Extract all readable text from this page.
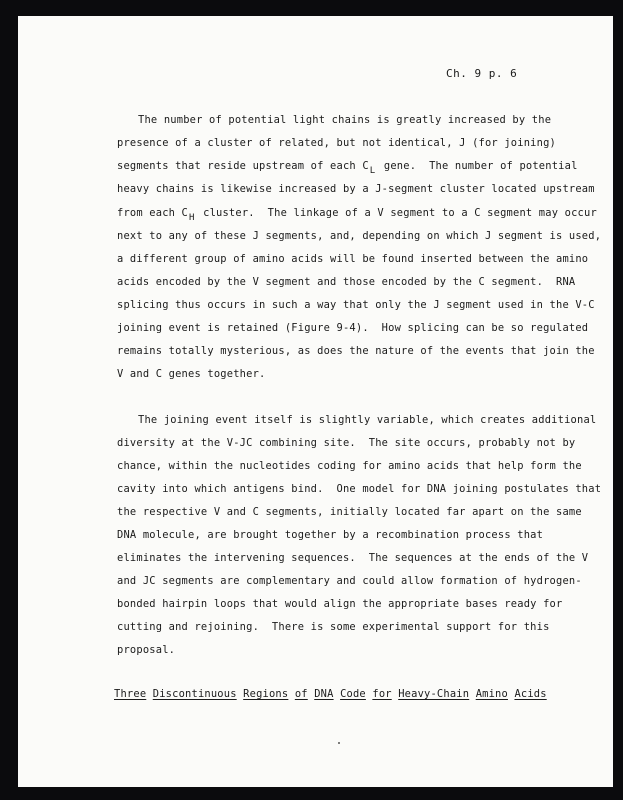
Ch. 9 p. 6
The number of potential light chains is greatly increased by the
presence of a cluster of related, but not identical, J (for joining)
segments that reside upstream of each CL gene.  The number of potential
heavy chains is likewise increased by a J-segment cluster located upstream
from each CH cluster.  The linkage of a V segment to a C segment may occur
next to any of these J segments, and, depending on which J segment is used,
a different group of amino acids will be found inserted between the amino
acids encoded by the V segment and those encoded by the C segment.  RNA
splicing thus occurs in such a way that only the J segment used in the V-C
joining event is retained (Figure 9-4).  How splicing can be so regulated
remains totally mysterious, as does the nature of the events that join the
V and C genes together.
The joining event itself is slightly variable, which creates additional
diversity at the V-JC combining site.  The site occurs, probably not by
chance, within the nucleotides coding for amino acids that help form the
cavity into which antigens bind.  One model for DNA joining postulates that
the respective V and C segments, initially located far apart on the same
DNA molecule, are brought together by a recombination process that
eliminates the intervening sequences.  The sequences at the ends of the V
and JC segments are complementary and could allow formation of hydrogen-
bonded hairpin loops that would align the appropriate bases ready for
cutting and rejoining.  There is some experimental support for this
proposal.
Three Discontinuous Regions of DNA Code for Heavy-Chain Amino Acids
